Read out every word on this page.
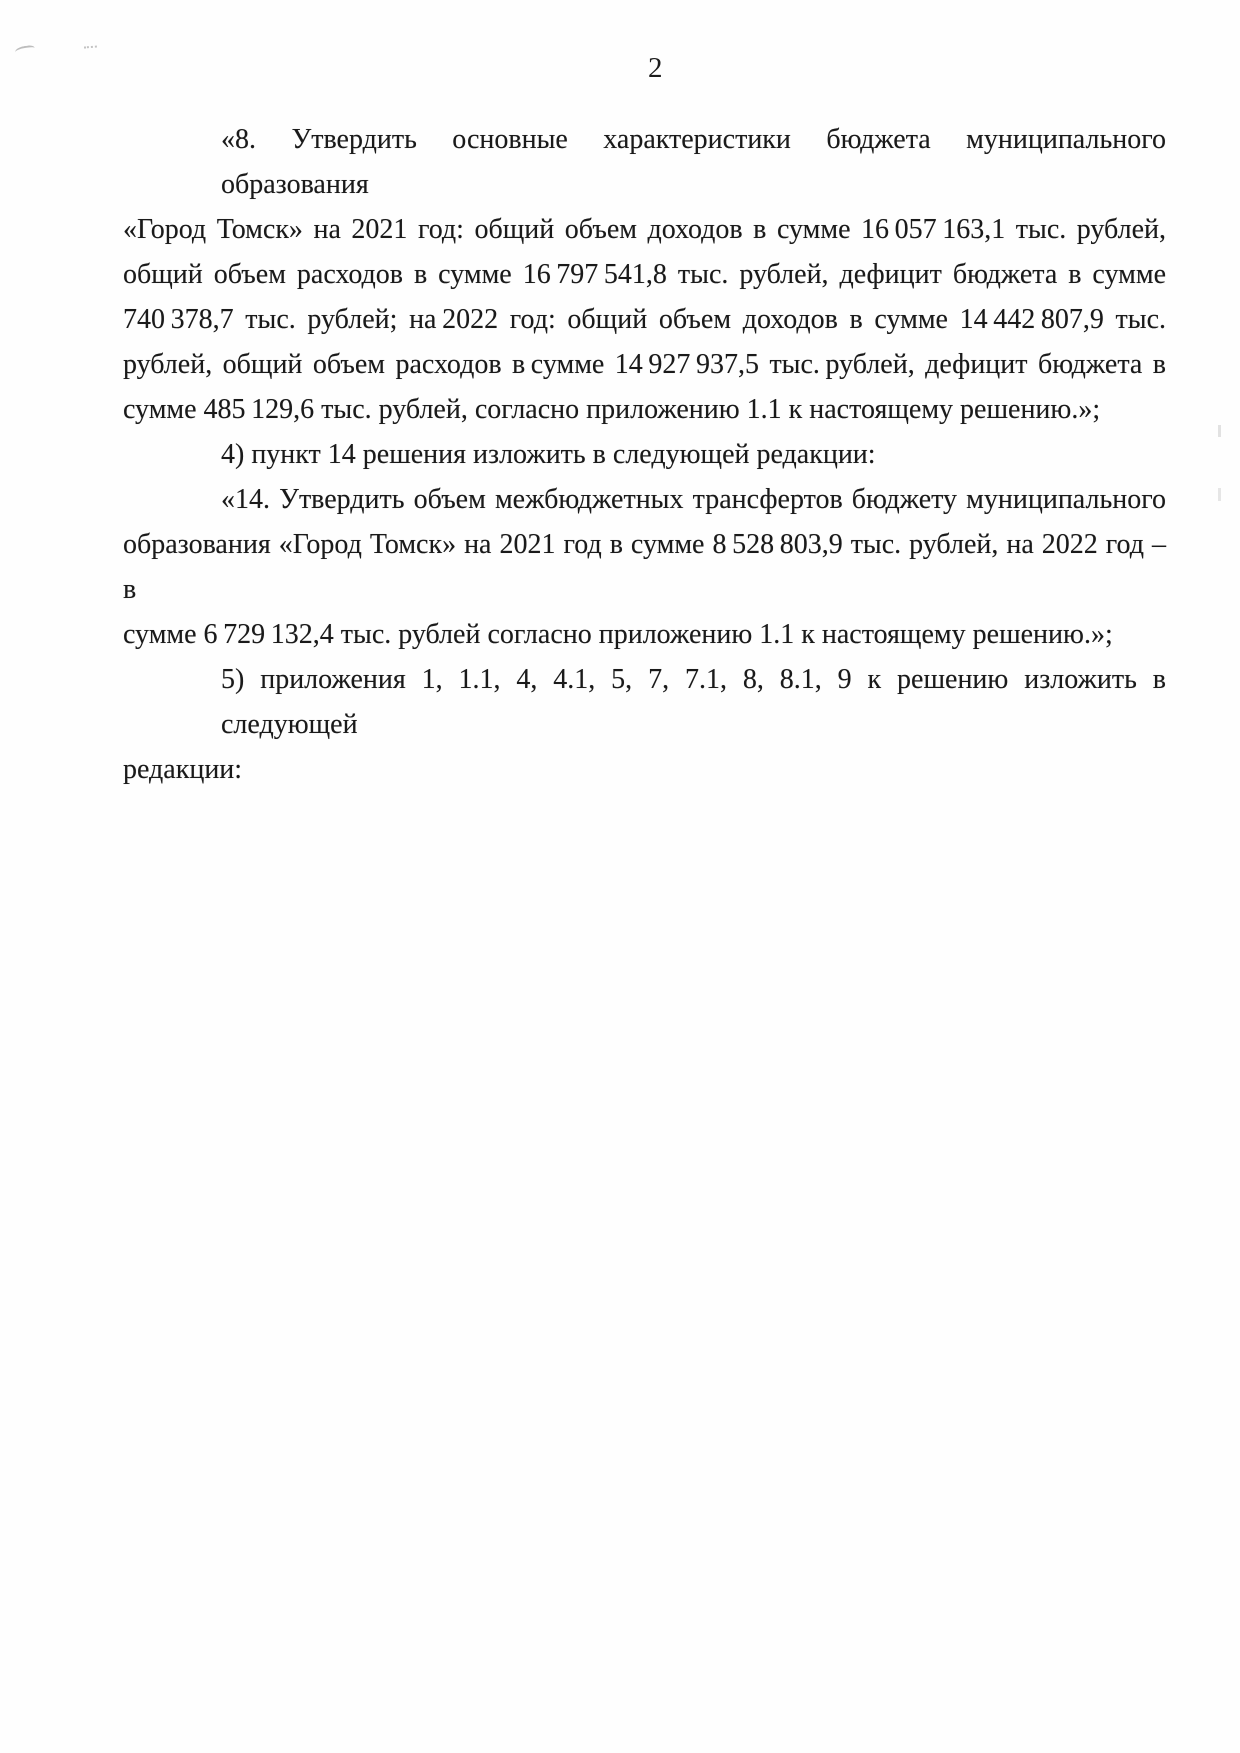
2
«8. Утвердить основные характеристики бюджета муниципального образования
«Город Томск» на 2021 год: общий объем доходов в сумме 16 057 163,1 тыс. рублей,
общий объем расходов в сумме 16 797 541,8 тыс. рублей, дефицит бюджета в сумме
740 378,7 тыс. рублей; на 2022 год: общий объем доходов в сумме 14 442 807,9 тыс.
рублей, общий объем расходов в сумме 14 927 937,5 тыс. рублей, дефицит бюджета в
сумме 485 129,6 тыс. рублей, согласно приложению 1.1 к настоящему решению.»;
4) пункт 14 решения изложить в следующей редакции:
«14. Утвердить объем межбюджетных трансфертов бюджету муниципального
образования «Город Томск» на 2021 год в сумме 8 528 803,9 тыс. рублей, на 2022 год – в
сумме 6 729 132,4 тыс. рублей согласно приложению 1.1 к настоящему решению.»;
5) приложения 1, 1.1, 4, 4.1, 5, 7, 7.1, 8, 8.1, 9 к решению изложить в следующей
редакции:
